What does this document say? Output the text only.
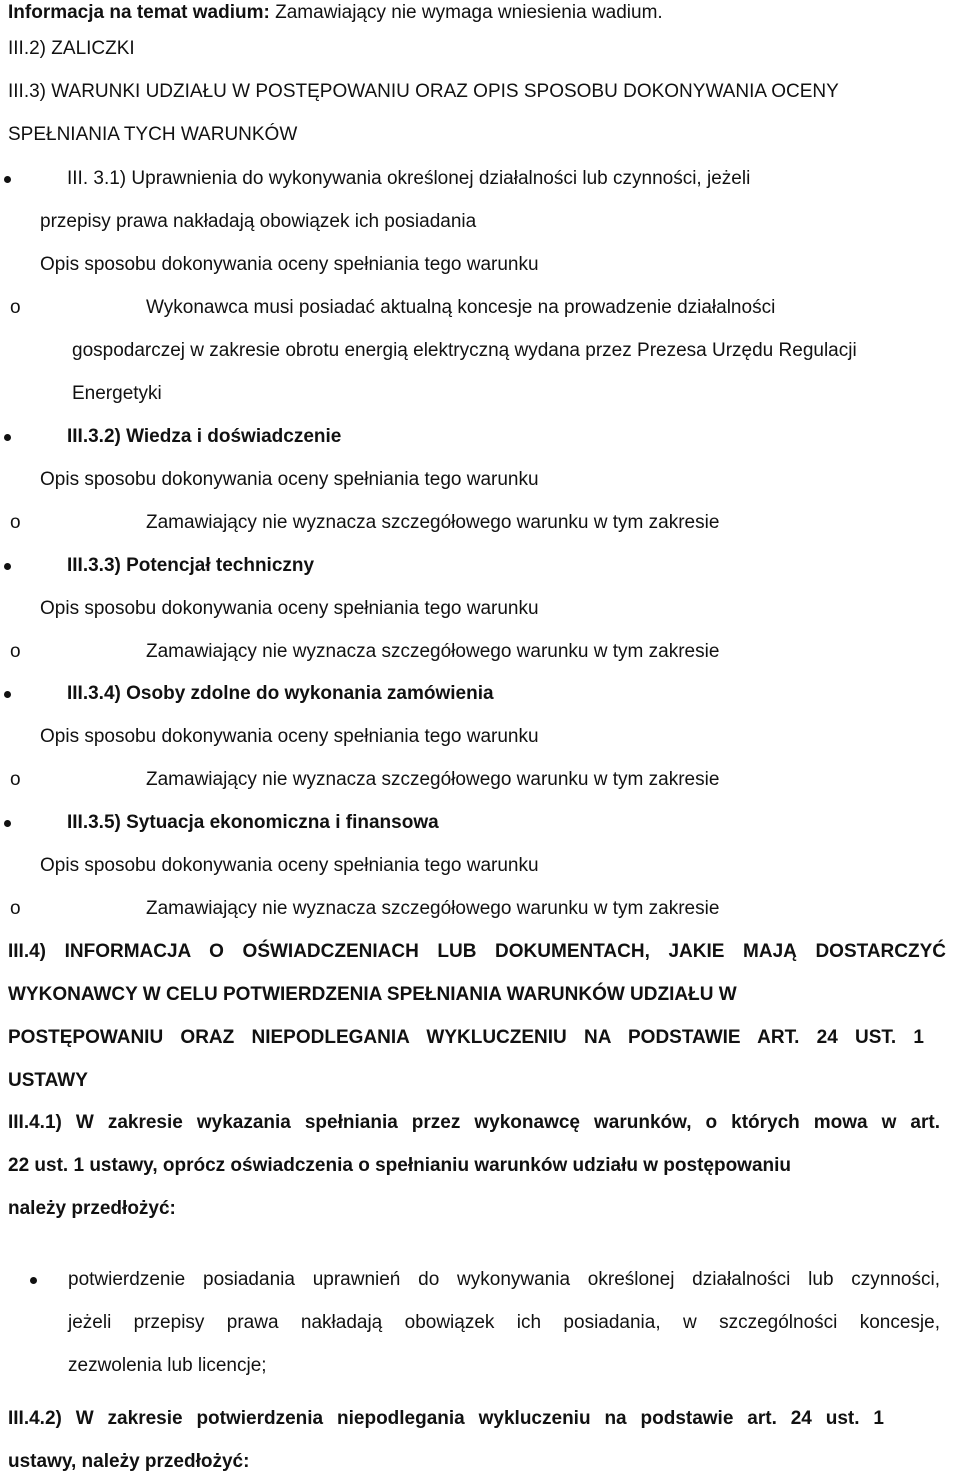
Informacja na temat wadium: Zamawiający nie wymaga wniesienia wadium.
III.2) ZALICZKI
III.3) WARUNKI UDZIAŁU W POSTĘPOWANIU ORAZ OPIS SPOSOBU DOKONYWANIA OCENY
SPEŁNIANIA TYCH WARUNKÓW
III. 3.1) Uprawnienia do wykonywania określonej działalności lub czynności, jeżeli
przepisy prawa nakładają obowiązek ich posiadania
Opis sposobu dokonywania oceny spełniania tego warunku
o	Wykonawca musi posiadać aktualną koncesje na prowadzenie działalności
gospodarczej w zakresie obrotu energią elektryczną wydana przez Prezesa Urzędu Regulacji
Energetyki
III.3.2) Wiedza i doświadczenie
Opis sposobu dokonywania oceny spełniania tego warunku
o	Zamawiający nie wyznacza szczegółowego warunku w tym zakresie
III.3.3) Potencjał techniczny
Opis sposobu dokonywania oceny spełniania tego warunku
o	Zamawiający nie wyznacza szczegółowego warunku w tym zakresie
III.3.4) Osoby zdolne do wykonania zamówienia
Opis sposobu dokonywania oceny spełniania tego warunku
o	Zamawiający nie wyznacza szczegółowego warunku w tym zakresie
III.3.5) Sytuacja ekonomiczna i finansowa
Opis sposobu dokonywania oceny spełniania tego warunku
o	Zamawiający nie wyznacza szczegółowego warunku w tym zakresie
III.4) INFORMACJA O OŚWIADCZENIACH LUB DOKUMENTACH, JAKIE MAJĄ DOSTARCZYĆ
WYKONAWCY W CELU POTWIERDZENIA SPEŁNIANIA WARUNKÓW UDZIAŁU W
POSTĘPOWANIU ORAZ NIEPODLEGANIA WYKLUCZENIU NA PODSTAWIE ART. 24 UST. 1
USTAWY
III.4.1) W zakresie wykazania spełniania przez wykonawcę warunków, o których mowa w art.
22 ust. 1 ustawy, oprócz oświadczenia o spełnianiu warunków udziału w postępowaniu
należy przedłożyć:
potwierdzenie posiadania uprawnień do wykonywania określonej działalności lub czynności,
jeżeli przepisy prawa nakładają obowiązek ich posiadania, w szczególności koncesje,
zezwolenia lub licencje;
III.4.2) W zakresie potwierdzenia niepodlegania wykluczeniu na podstawie art. 24 ust. 1
ustawy, należy przedłożyć:
